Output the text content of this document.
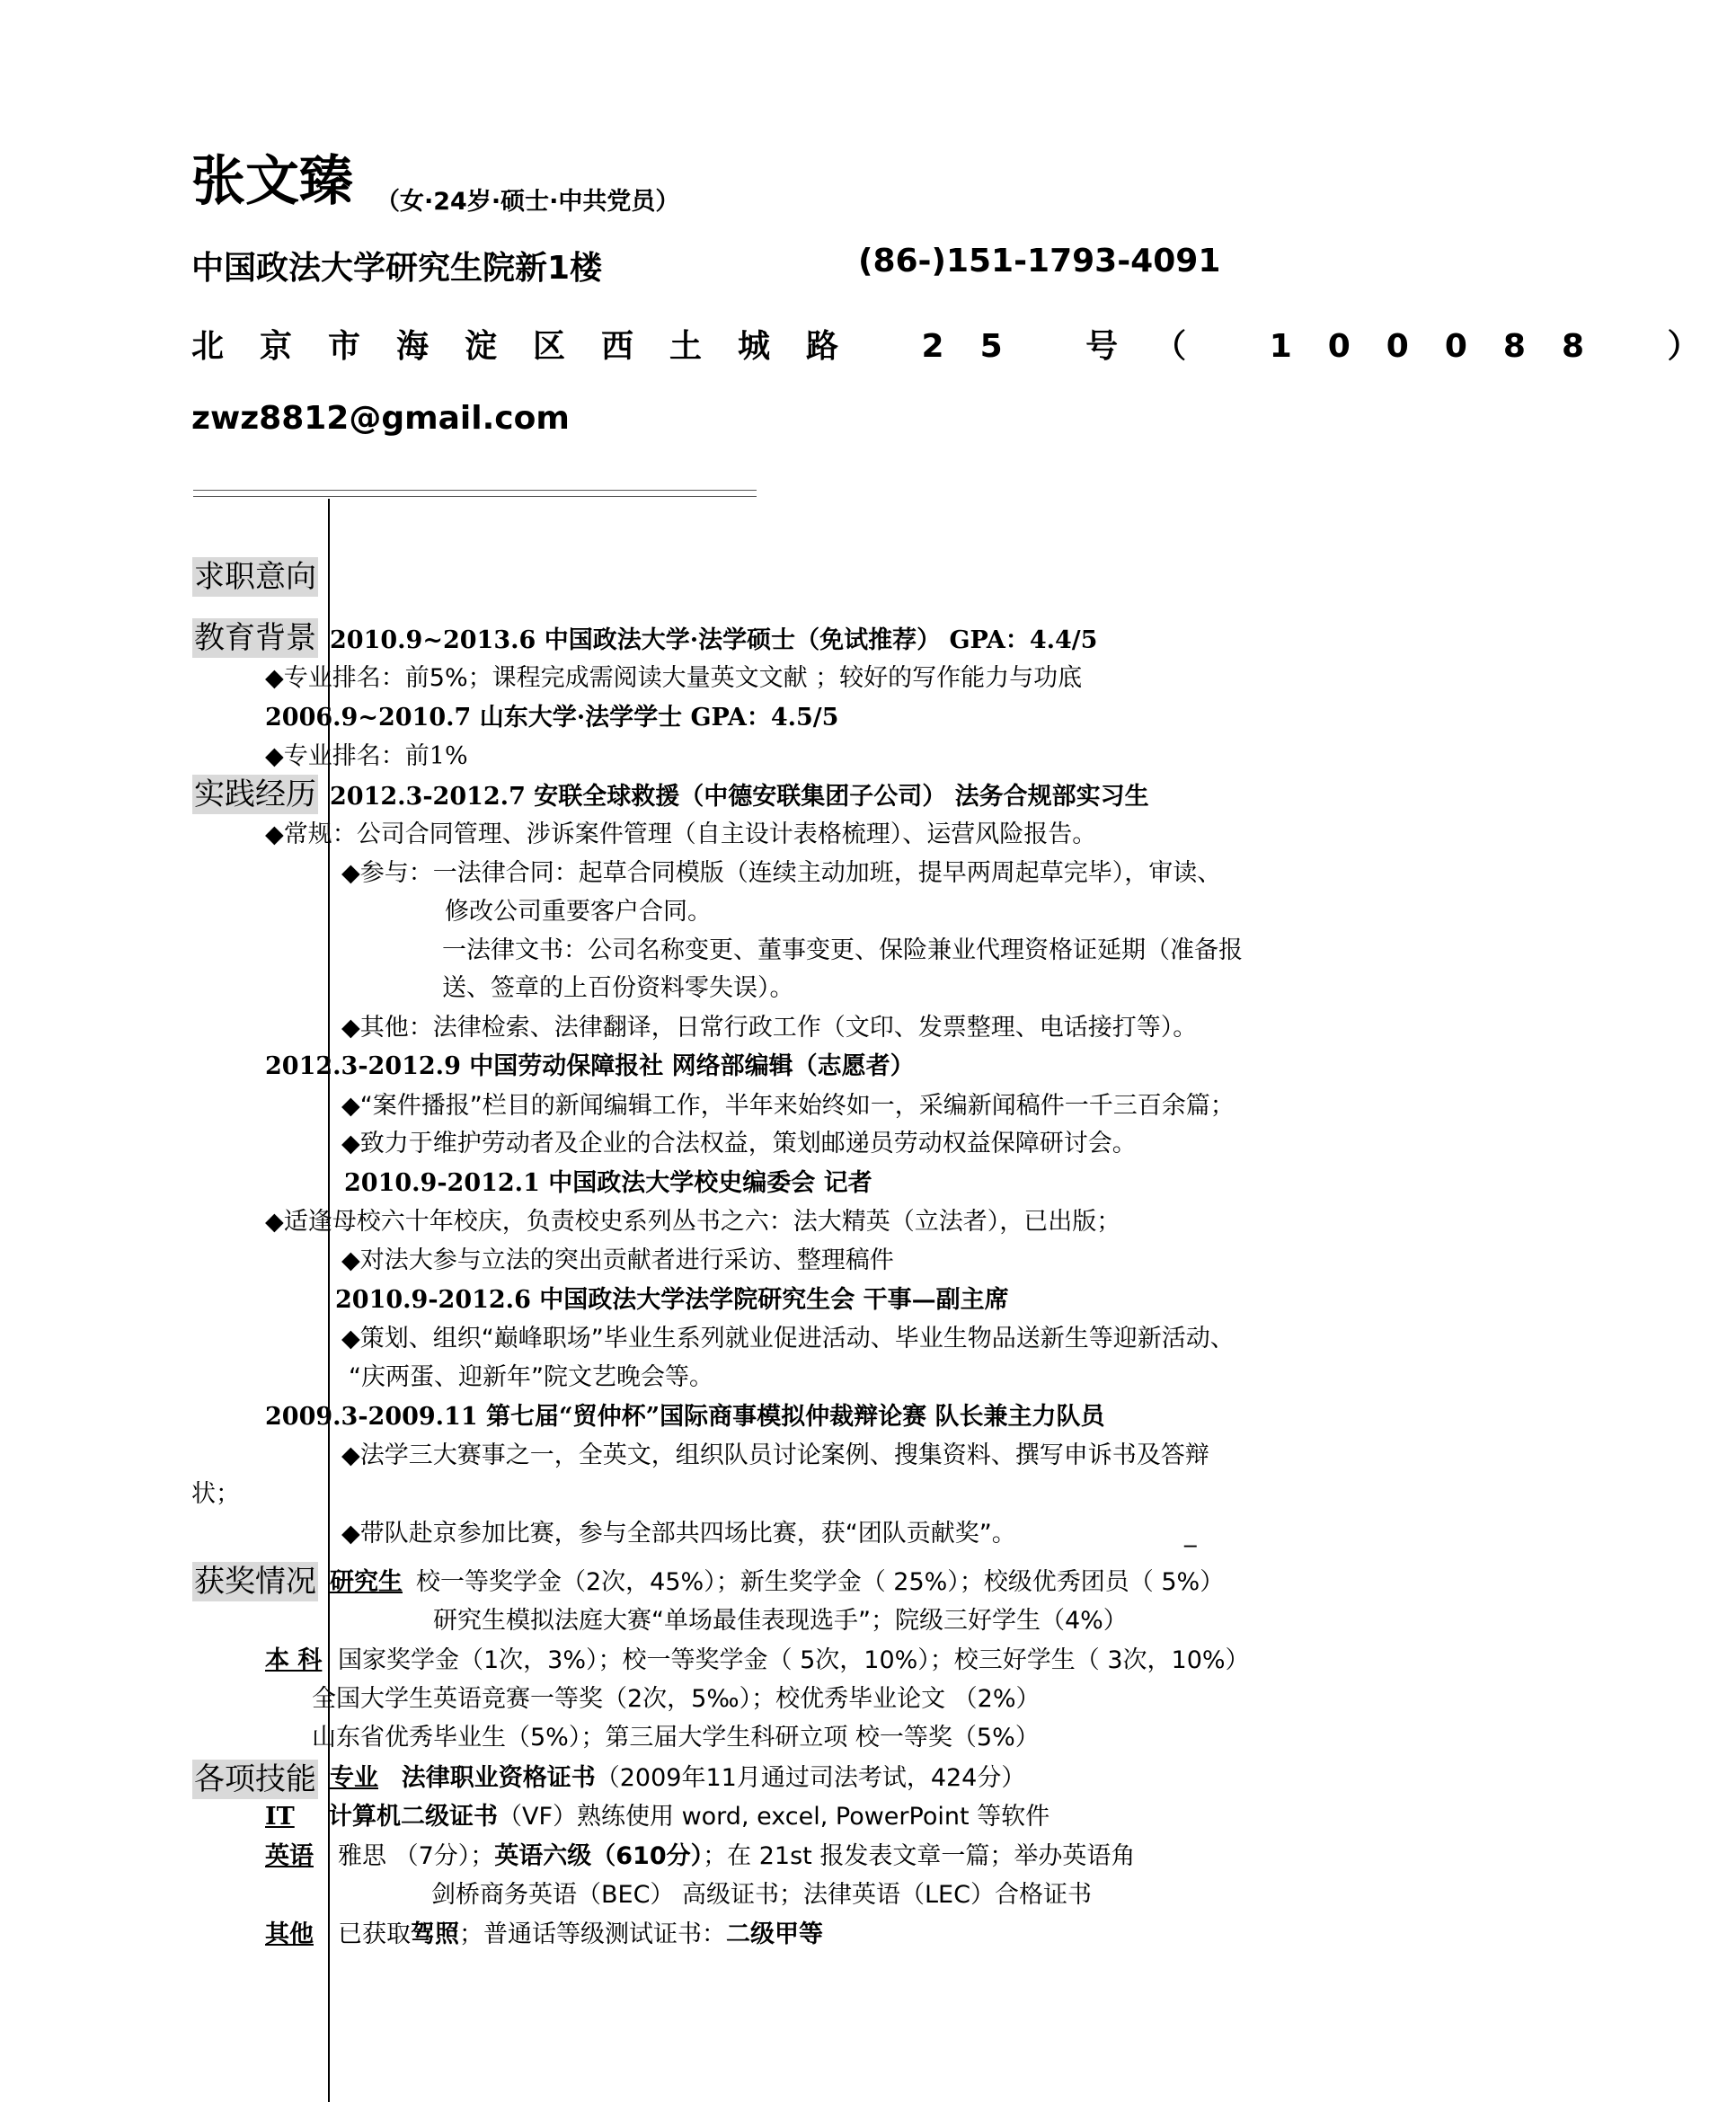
张文臻 （女·24岁·硕士·中共党员）
中国政法大学研究生院新1楼	(86-)151-1793-4091
北京市海淀区西土城路 25 号（ 100088 ）
zwz8812@gmail.com
求职意向
教育背景
实践经历
获奖情况
各项技能
2010.9~2013.6 中国政法大学·法学硕士（免试推荐） GPA：4.4/5
◆专业排名：前5%；课程完成需阅读大量英文文献 ；较好的写作能力与功底
2006.9~2010.7 山东大学·法学学士 GPA：4.5/5
◆专业排名：前1%
2012.3-2012.7 安联全球救援（中德安联集团子公司） 法务合规部实习生
◆常规：公司合同管理、涉诉案件管理（自主设计表格梳理）、运营风险报告。
◆参与：一法律合同：起草合同模版（连续主动加班，提早两周起草完毕），审读、
修改公司重要客户合同。
一法律文书：公司名称变更、董事变更、保险兼业代理资格证延期（准备报
送、签章的上百份资料零失误）。
◆其他：法律检索、法律翻译，日常行政工作（文印、发票整理、电话接打等）。
2012.3-2012.9 中国劳动保障报社 网络部编辑（志愿者）
◆“案件播报”栏目的新闻编辑工作，半年来始终如一，采编新闻稿件一千三百余篇；
◆致力于维护劳动者及企业的合法权益，策划邮递员劳动权益保障研讨会。
2010.9-2012.1 中国政法大学校史编委会 记者
◆适逢母校六十年校庆，负责校史系列丛书之六：法大精英（立法者），已出版；
◆对法大参与立法的突出贡献者进行采访、整理稿件
2010.9-2012.6 中国政法大学法学院研究生会 干事—副主席
◆策划、组织“巅峰职场”毕业生系列就业促进活动、毕业生物品送新生等迎新活动、
“庆两蛋、迎新年”院文艺晚会等。
2009.3-2009.11 第七届“贸仲杯”国际商事模拟仲裁辩论赛 队长兼主力队员
◆法学三大赛事之一，全英文，组织队员讨论案例、搜集资料、撰写申诉书及答辩
状；
◆带队赴京参加比赛，参与全部共四场比赛，获“团队贡献奖”。	_
研究生 校一等奖学金（2次，45%）；新生奖学金（ 25%）；校级优秀团员（ 5%）
研究生模拟法庭大赛“单场最佳表现选手”；院级三好学生（4%）
本 科 国家奖学金（1次，3%）；校一等奖学金（ 5次，10%）；校三好学生（ 3次，10%）
全国大学生英语竞赛一等奖（2次，5‰）；校优秀毕业论文 （2%）
山东省优秀毕业生（5%）；第三届大学生科研立项 校一等奖（5%）
专业 法律职业资格证书（2009年11月通过司法考试，424分）
IT 计算机二级证书（VF）熟练使用 word, excel, PowerPoint 等软件
英语 雅思 （7分）；英语六级（610分）；在 21st 报发表文章一篇；举办英语角
剑桥商务英语（BEC） 高级证书；法律英语（LEC）合格证书
其他 已获取驾照；普通话等级测试证书：二级甲等
